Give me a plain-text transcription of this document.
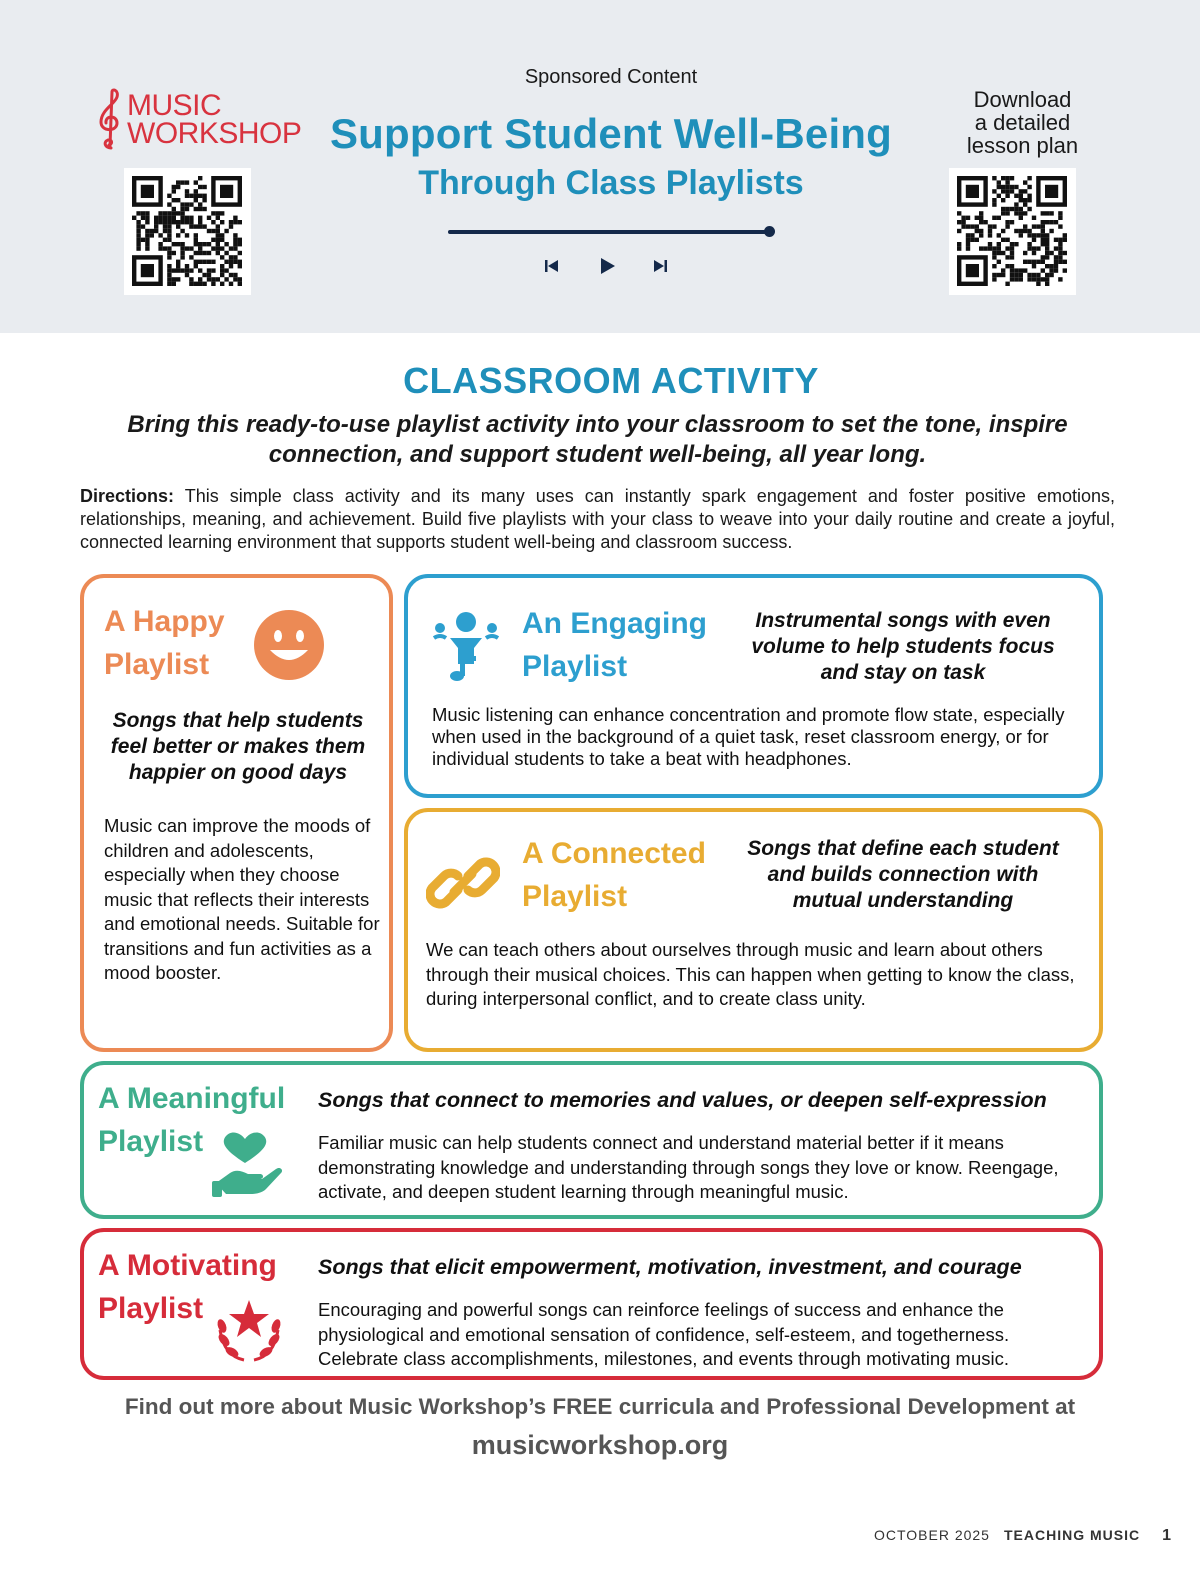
MUSIC
WORKSHOP
Sponsored Content
Support Student Well-Being
Through Class Playlists
Download
a detailed
lesson plan
CLASSROOM ACTIVITY
Bring this ready-to-use playlist activity into your classroom to set the tone, inspire connection, and support student well-being, all year long.
Directions: This simple class activity and its many uses can instantly spark engagement and foster positive emotions, relationships, meaning, and achievement. Build five playlists with your class to weave into your daily routine and create a joyful, connected learning environment that supports student well-being and classroom success.
A Happy
Playlist
Songs that help students feel better or makes them happier on good days
Music can improve the moods of children and adolescents, especially when they choose music that reflects their interests and emotional needs. Suitable for transitions and fun activities as a mood booster.
An Engaging
Playlist
Instrumental songs with even volume to help students focus and stay on task
Music listening can enhance concentration and promote flow state, especially when used in the background of a quiet task, reset classroom energy, or for individual students to take a beat with headphones.
A Connected
Playlist
Songs that define each student and builds connection with mutual understanding
We can teach others about ourselves through music and learn about others through their musical choices. This can happen when getting to know the class, during interpersonal conflict, and to create class unity.
A Meaningful
Playlist
Songs that connect to memories and values, or deepen self-expression
Familiar music can help students connect and understand material better if it means demonstrating knowledge and understanding through songs they love or know. Reengage, activate, and deepen student learning through meaningful music.
A Motivating
Playlist
Songs that elicit empowerment, motivation, investment, and courage
Encouraging and powerful songs can reinforce feelings of success and enhance the physiological and emotional sensation of confidence, self-esteem, and togetherness. Celebrate class accomplishments, milestones, and events through motivating music.
Find out more about Music Workshop’s FREE curricula and Professional Development at
musicworkshop.org
OCTOBER 2025 TEACHING MUSIC 1
